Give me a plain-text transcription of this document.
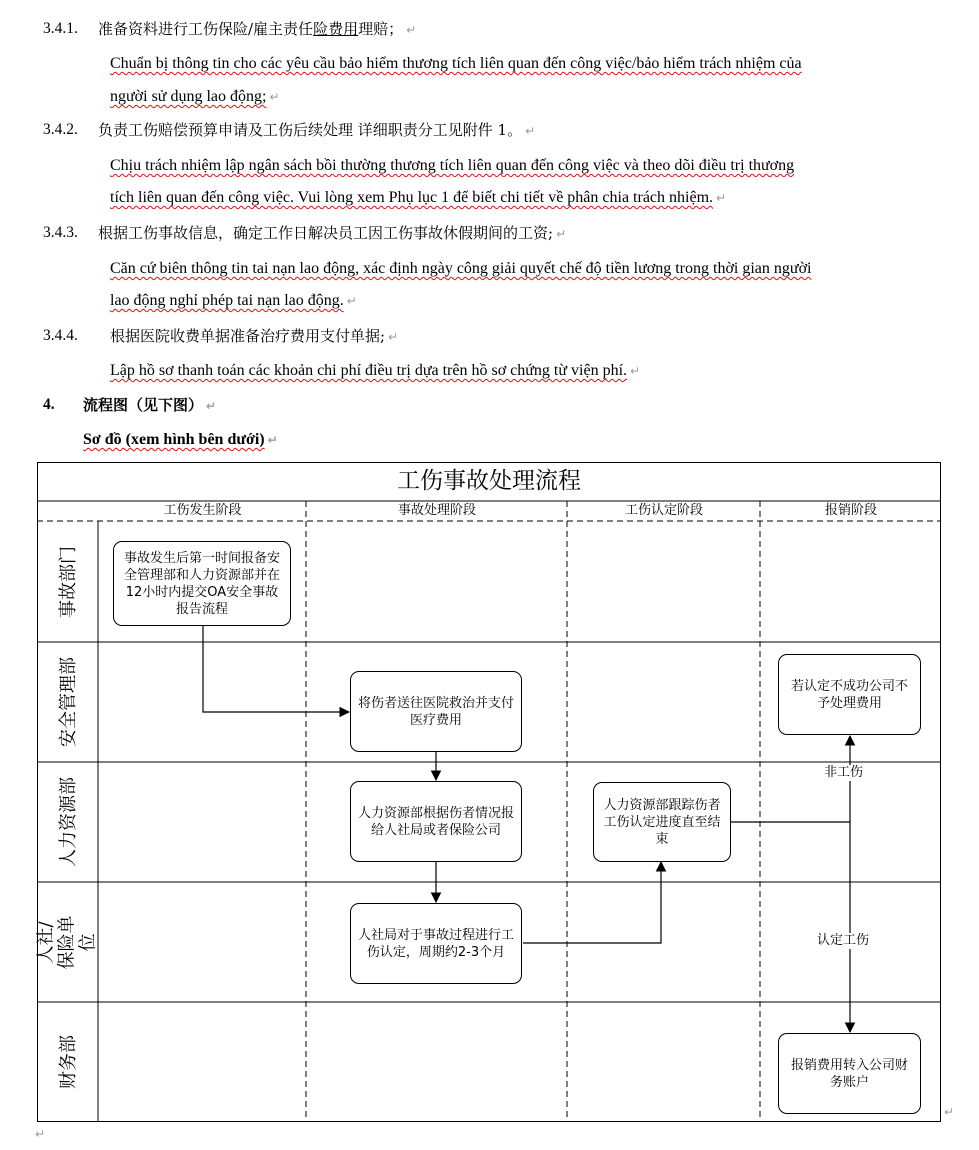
3.4.1. 准备资料进行工伤保险/雇主责任险费用理赔； ↵
Chuẩn bị thông tin cho các yêu cầu bảo hiểm thương tích liên quan đến công việc/bảo hiểm trách nhiệm của
người sử dụng lao động; ↵
3.4.2. 负责工伤赔偿预算申请及工伤后续处理 详细职责分工见附件 1。 ↵
Chịu trách nhiệm lập ngân sách bồi thường thương tích liên quan đến công việc và theo dõi điều trị thương
tích liên quan đến công việc. Vui lòng xem Phụ lục 1 để biết chi tiết về phân chia trách nhiệm. ↵
3.4.3. 根据工伤事故信息，确定工作日解决员工因工伤事故休假期间的工资; ↵
Căn cứ biên thông tin tai nạn lao động, xác định ngày công giải quyết chế độ tiền lương trong thời gian người
lao động nghỉ phép tai nạn lao động. ↵
3.4.4. 根据医院收费单据准备治疗费用支付单据; ↵
Lập hồ sơ thanh toán các khoản chi phí điều trị dựa trên hồ sơ chứng từ viện phí. ↵
4. 流程图（见下图） ↵
Sơ đồ (xem hình bên dưới) ↵
工伤事故处理流程
工伤发生阶段	事故处理阶段	工伤认定阶段	报销阶段
事故部门
安全管理部
人力资源部
人社/保险单位
财务部
事故发生后第一时间报备安全管理部和人力资源部并在12小时内提交OA安全事故报告流程
将伤者送往医院救治并支付医疗费用
人力资源部根据伤者情况报给人社局或者保险公司
人社局对于事故过程进行工伤认定，周期约2-3个月
人力资源部跟踪伤者工伤认定进度直至结束
若认定不成功公司不予处理费用
报销费用转入公司财务账户
非工伤
认定工伤
↵
↵
